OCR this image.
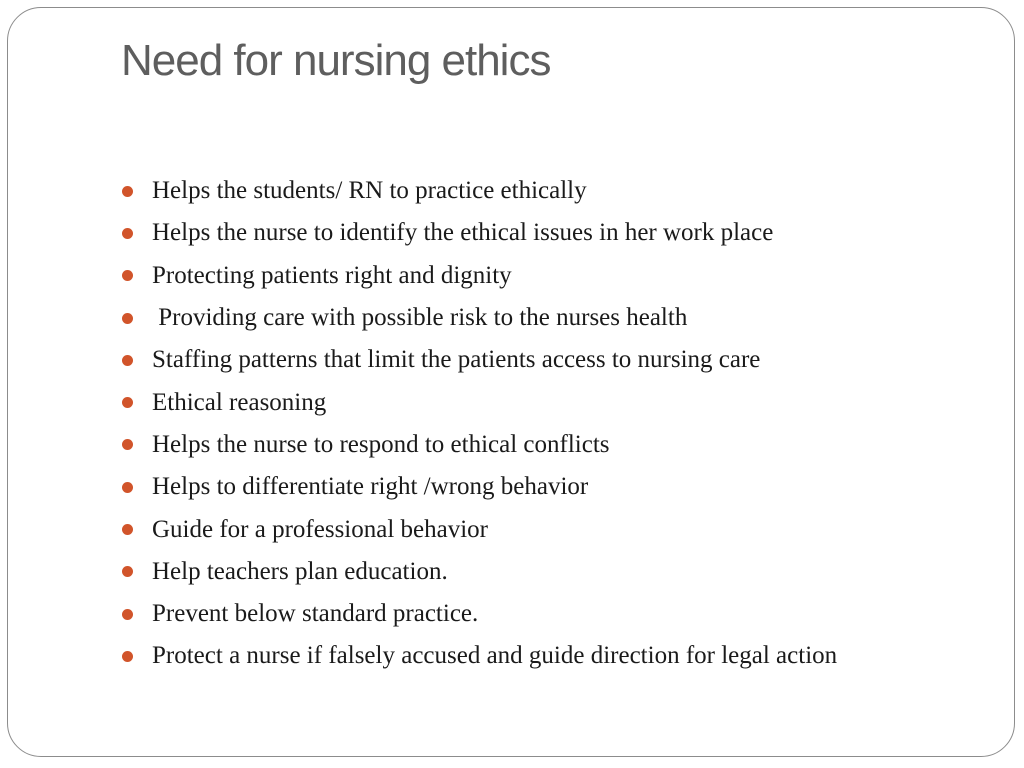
Need for nursing ethics
Helps the students/ RN to practice ethically
Helps the nurse to identify the ethical issues in her work place
Protecting patients right and dignity
Providing care with possible risk to the nurses health
Staffing patterns that limit the patients access to nursing care
Ethical reasoning
Helps the nurse to respond to ethical conflicts
Helps to differentiate right /wrong behavior
Guide for a professional behavior
Help teachers plan education.
Prevent below standard practice.
Protect a nurse if falsely accused and guide direction for legal action
